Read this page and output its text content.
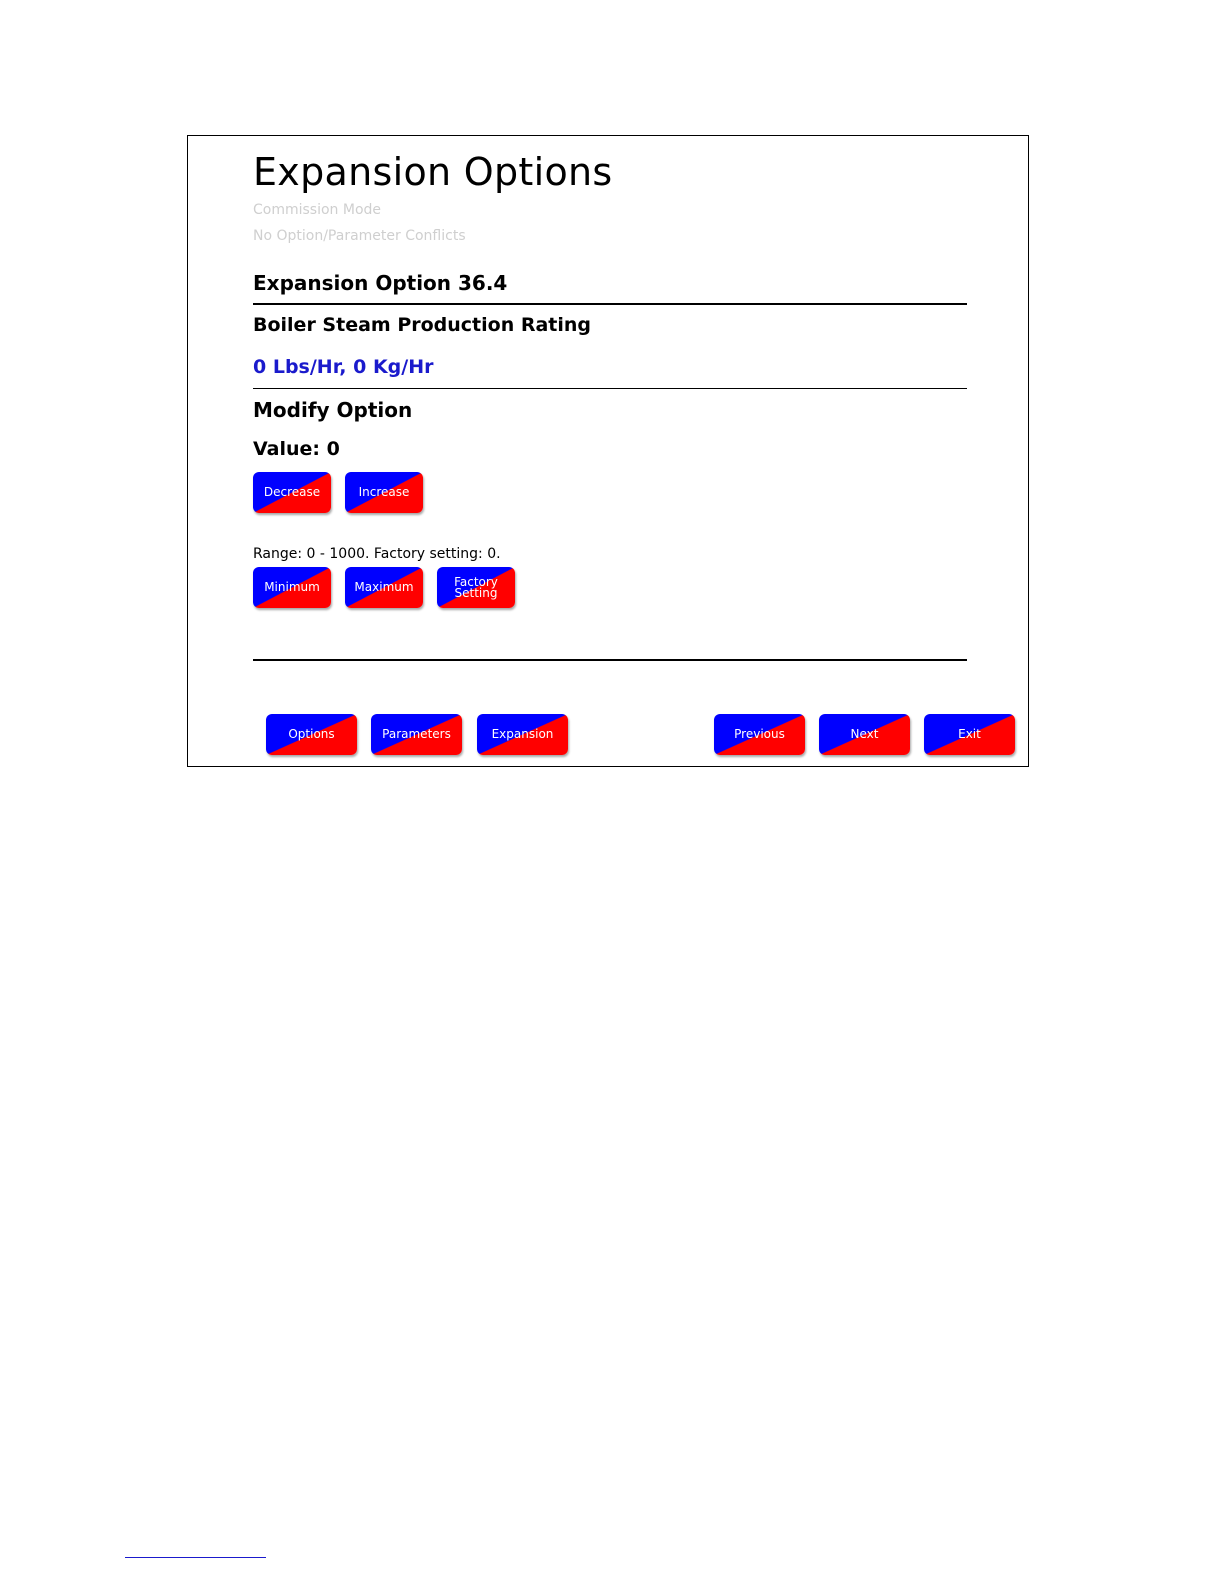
Expansion Options
Commission Mode
No Option/Parameter Conflicts
Expansion Option 36.4
Boiler Steam Production Rating
0 Lbs/Hr, 0 Kg/Hr
Modify Option
Value: 0
Decrease	Increase
Range: 0 - 1000. Factory setting: 0.
Minimum	Maximum	Factory
Setting
Options	Parameters	Expansion	Previous	Next	Exit
